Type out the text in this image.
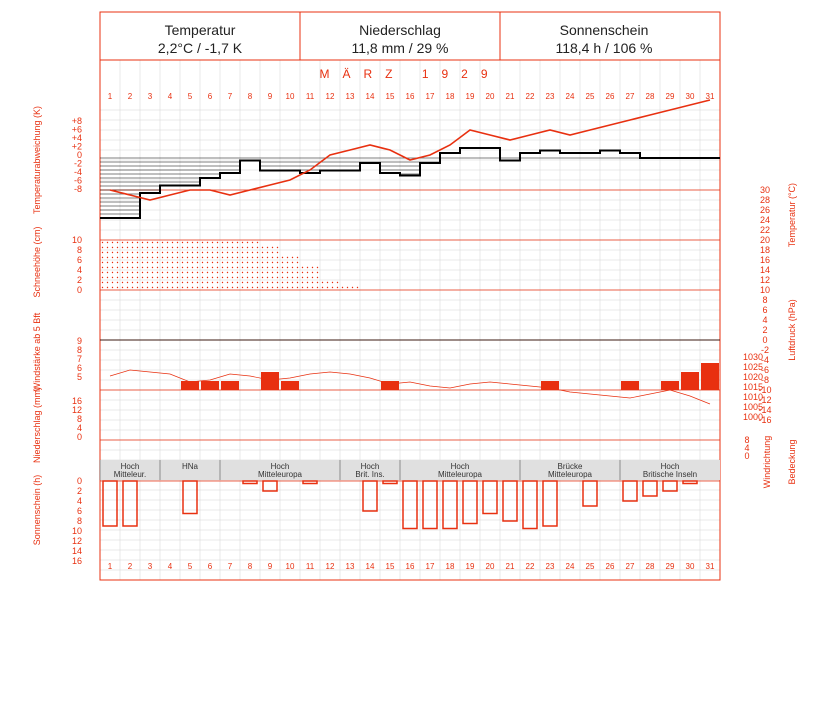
Temperatur
2,2°C / -1,7 K
Niederschlag
11,8 mm / 29 %
Sonnenschein
118,4 h / 106 %
MÄRZ 1929
1
1
2
2
3
3
4
4
5
5
6
6
7
7
8
8
9
9
10
10
11
11
12
12
13
13
14
14
15
15
16
16
17
17
18
18
19
19
20
20
21
21
22
22
23
23
24
24
25
25
26
26
27
27
28
28
29
29
30
30
31
31
+8
+6
+4
+2
0
-2
-4
-6
-8
10
8
6
4
2
0
9
8
7
6
5
16
12
8
4
0
0
2
4
6
8
10
12
14
16
30
28
26
24
22
20
18
16
14
12
10
8
6
4
2
0
-2
-4
-6
-8
-10
-12
-14
-16
1030
1025
1020
1015
1010
1005
1000
8
4
0
Temperaturabweichung (K)
Schneehöhe (cm)
Windstärke ab 5 Bft
Niederschlag (mm)
Sonnenschein (h)
Temperatur (°C)
Luftdruck (hPa)
Windrichtung Bedeckung
Hoch Mitteleur.
HNa	Hoch Mitteleuropa
Hoch Brit. Ins.
Hoch Mitteleuropa
Brücke Mitteleuropa
Hoch Britische Inseln
